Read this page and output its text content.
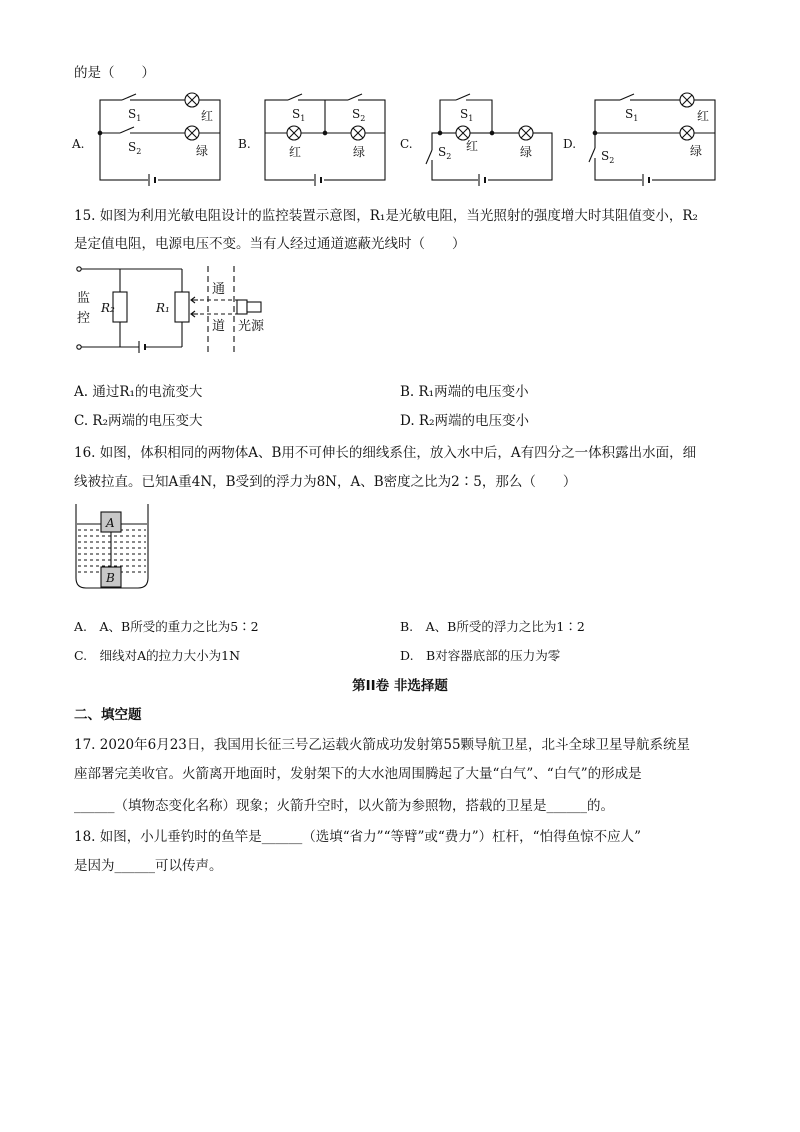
的是（　　）
A.
$S_1$
$S_2$
红
绿 B.
$S_1$	$S_2$
红	绿
C.
$S_1$
$S_2$
红	绿
D.
$S_1$
$S_2$
红
绿
15. 如图为利用光敏电阻设计的监控装置示意图，R₁是光敏电阻，当光照射的强度增大时其阻值变小，R₂
是定值电阻，电源电压不变。当有人经过通道遮蔽光线时（　　）
监
控
R₂	R₁
通
道 光源
A. 通过R₁的电流变大	B. R₁两端的电压变小
C. R₂两端的电压变大	D. R₂两端的电压变小
16. 如图，体积相同的两物体A、B用不可伸长的细线系住，放入水中后，A有四分之一体积露出水面，细
线被拉直。已知A重4N，B受到的浮力为8N，A、B密度之比为2∶5，那么（　　）
A
B
A.　A、B所受的重力之比为5∶2	B.　A、B所受的浮力之比为1∶2
C.　细线对A的拉力大小为1N	D.　B对容器底部的压力为零
第II卷 非选择题
二、填空题
17. 2020年6月23日，我国用长征三号乙运载火箭成功发射第55颗导航卫星，北斗全球卫星导航系统星
座部署完美收官。火箭离开地面时，发射架下的大水池周围腾起了大量“白气”、“白气”的形成是
______（填物态变化名称）现象；火箭升空时，以火箭为参照物，搭载的卫星是______的。
18. 如图，小儿垂钓时的鱼竿是______（选填“省力”“等臂”或“费力”）杠杆，“怕得鱼惊不应人”
是因为______可以传声。
